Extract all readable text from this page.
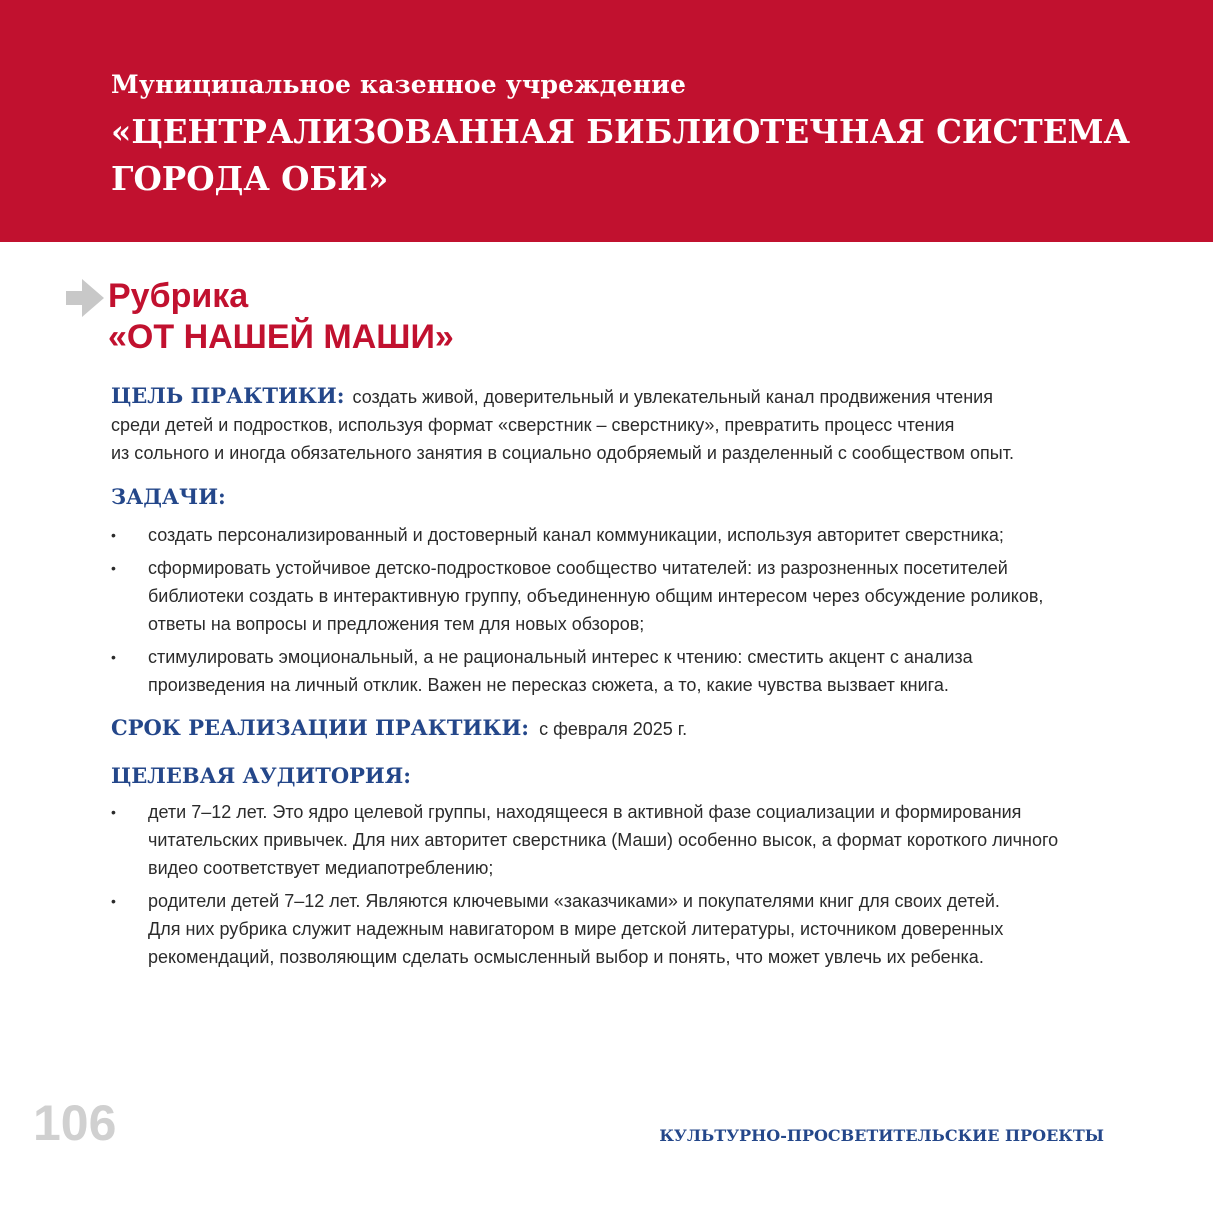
Муниципальное казенное учреждение
«ЦЕНТРАЛИЗОВАННАЯ БИБЛИОТЕЧНАЯ СИСТЕМА
ГОРОДА ОБИ»
Рубрика
«ОТ НАШЕЙ МАШИ»
ЦЕЛЬ ПРАКТИКИ: создать живой, доверительный и увлекательный канал продвижения чтения
среди детей и подростков, используя формат «сверстник – сверстнику», превратить процесс чтения
из сольного и иногда обязательного занятия в социально одобряемый и разделенный с сообществом опыт.
ЗАДАЧИ:
• создать персонализированный и достоверный канал коммуникации, используя авторитет сверстника;
• сформировать устойчивое детско-подростковое сообщество читателей: из разрозненных посетителей
библиотеки создать в интерактивную группу, объединенную общим интересом через обсуждение роликов,
ответы на вопросы и предложения тем для новых обзоров;
• стимулировать эмоциональный, а не рациональный интерес к чтению: сместить акцент с анализа
произведения на личный отклик. Важен не пересказ сюжета, а то, какие чувства вызвает книга.
СРОК РЕАЛИЗАЦИИ ПРАКТИКИ: с февраля 2025 г.
ЦЕЛЕВАЯ АУДИТОРИЯ:
• дети 7–12 лет. Это ядро целевой группы, находящееся в активной фазе социализации и формирования
читательских привычек. Для них авторитет сверстника (Маши) особенно высок, а формат короткого личного
видео соответствует медиапотреблению;
• родители детей 7–12 лет. Являются ключевыми «заказчиками» и покупателями книг для своих детей.
Для них рубрика служит надежным навигатором в мире детской литературы, источником доверенных
рекомендаций, позволяющим сделать осмысленный выбор и понять, что может увлечь их ребенка.
106	КУЛЬТУРНО-ПРОСВЕТИТЕЛЬСКИЕ ПРОЕКТЫ
